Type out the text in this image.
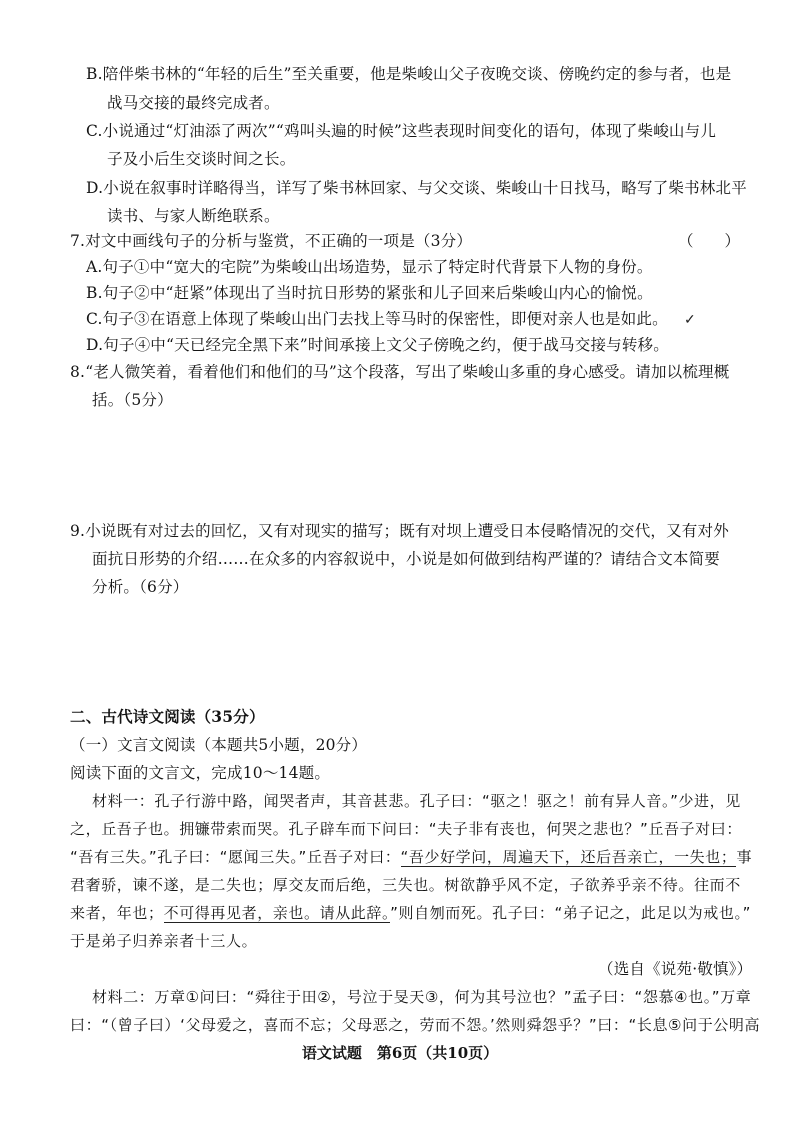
B.陪伴柴书林的“年轻的后生”至关重要，他是柴峻山父子夜晚交谈、傍晚约定的参与者，也是
战马交接的最终完成者。
C.小说通过“灯油添了两次”“鸡叫头遍的时候”这些表现时间变化的语句，体现了柴峻山与儿
子及小后生交谈时间之长。
D.小说在叙事时详略得当，详写了柴书林回家、与父交谈、柴峻山十日找马，略写了柴书林北平
读书、与家人断绝联系。
7.对文中画线句子的分析与鉴赏，不正确的一项是（3分）	（　　）
A.句子①中“宽大的宅院”为柴峻山出场造势，显示了特定时代背景下人物的身份。
B.句子②中“赶紧”体现出了当时抗日形势的紧张和儿子回来后柴峻山内心的愉悦。
C.句子③在语意上体现了柴峻山出门去找上等马时的保密性，即便对亲人也是如此。 ✓
D.句子④中“天已经完全黑下来”时间承接上文父子傍晚之约，便于战马交接与转移。
8.“老人微笑着，看着他们和他们的马”这个段落，写出了柴峻山多重的身心感受。请加以梳理概
括。（5分）
9.小说既有对过去的回忆，又有对现实的描写；既有对坝上遭受日本侵略情况的交代，又有对外
面抗日形势的介绍……在众多的内容叙说中，小说是如何做到结构严谨的？请结合文本简要
分析。（6分）
二、古代诗文阅读（35分）
（一）文言文阅读（本题共5小题，20分）
阅读下面的文言文，完成10～14题。
材料一：孔子行游中路，闻哭者声，其音甚悲。孔子曰：“驱之！驱之！前有异人音。”少进，见
之，丘吾子也。拥镰带索而哭。孔子辟车而下问曰：“夫子非有丧也，何哭之悲也？”丘吾子对曰：
“吾有三失。”孔子曰：“愿闻三失。”丘吾子对曰：“吾少好学问，周遍天下，还后吾亲亡，一失也；事
君奢骄，谏不遂，是二失也；厚交友而后绝，三失也。树欲静乎风不定，子欲养乎亲不待。往而不
来者，年也；不可得再见者，亲也。请从此辞。”则自刎而死。孔子曰：“弟子记之，此足以为戒也。”
于是弟子归养亲者十三人。
（选自《说苑·敬慎》）
材料二：万章①问曰：“舜往于田②，号泣于旻天③，何为其号泣也？”孟子曰：“怨慕④也。”万章
曰：“（曾子曰）‘父母爱之，喜而不忘；父母恶之，劳而不怨。’然则舜怨乎？”曰：“长息⑤问于公明高
语文试题　第6页（共10页）
